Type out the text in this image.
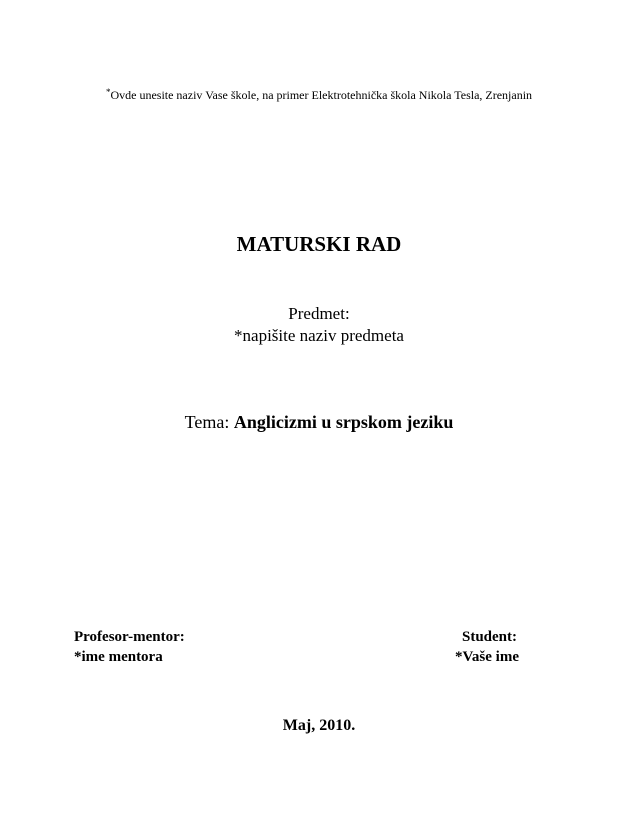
*Ovde unesite naziv Vase škole, na primer Elektrotehnička škola Nikola Tesla, Zrenjanin
MATURSKI RAD
Predmet:
*napišite naziv predmeta
Tema: Anglicizmi u srpskom jeziku
Profesor-mentor:
*ime mentora
Student:
*Vaše ime
Maj, 2010.
